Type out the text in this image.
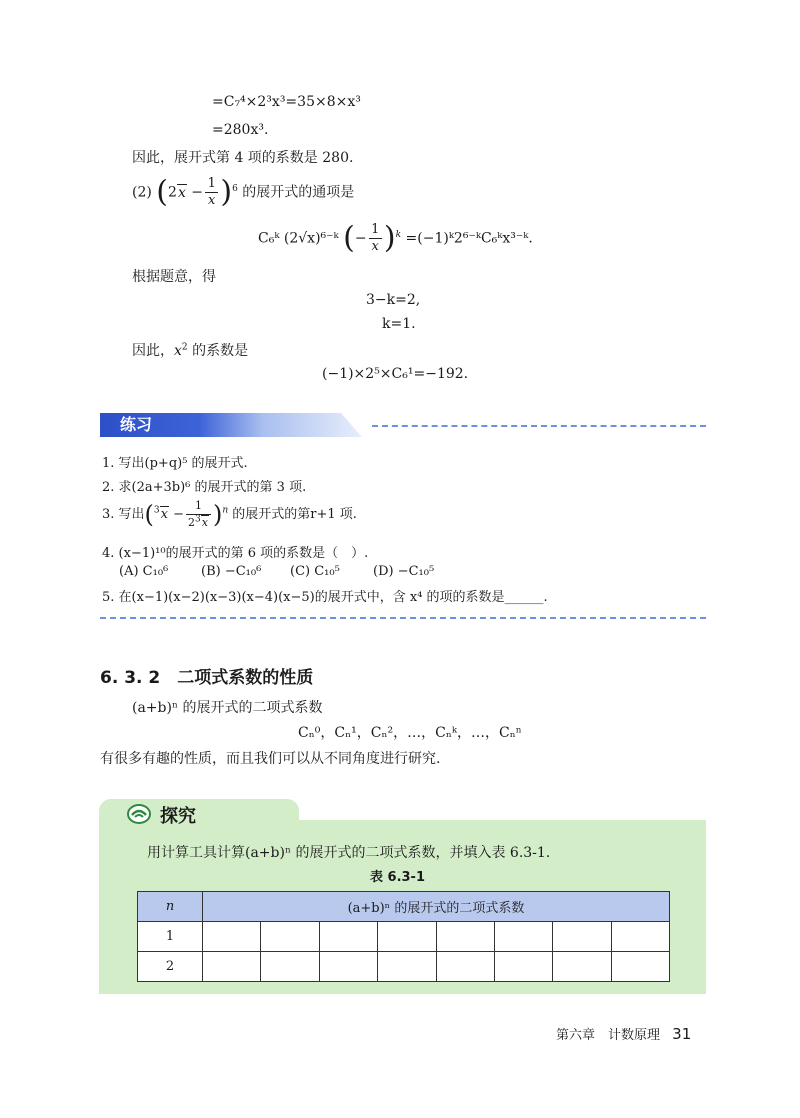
=C₇⁴×2³x³=35×8×x³
=280x³.
因此，展开式第 4 项的系数是 280.
(2) $(2x - \frac{1}{x} )^6$ 的展开式的通项是
C₆ᵏ (2√x)⁶⁻ᵏ (− $\frac{1}{x} )^k$ =(−1)ᵏ2⁶⁻ᵏC₆ᵏx³⁻ᵏ.
根据题意，得
3−k=2,
k=1.
因此，$x^2$ 的系数是
(−1)×2⁵×C₆¹=−192.
练习
1. 写出(p+q)⁵ 的展开式.
2. 求(2a+3b)⁶ 的展开式的第 3 项.
3. 写出$(^3x - \frac{1}{2^3x} )^n$ 的展开式的第r+1 项.
4. (x−1)¹⁰的展开式的第 6 项的系数是（　）.
(A) C₁₀⁶	(B) −C₁₀⁶ (C) C₁₀⁵	(D) −C₁₀⁵
5. 在(x−1)(x−2)(x−3)(x−4)(x−5)的展开式中，含 x⁴ 的项的系数是______.
6. 3. 2　 二项式系数的性质
(a+b)ⁿ 的展开式的二项式系数
Cₙ⁰，Cₙ¹，Cₙ²，…，Cₙᵏ，…，Cₙⁿ
有很多有趣的性质，而且我们可以从不同角度进行研究.
探究
用计算工具计算(a+b)ⁿ 的展开式的二项式系数，并填入表 6.3-1.
表 6.3-1
n	(a+b)ⁿ 的展开式的二项式系数							
1								
2								
第六章　计数原理 31
